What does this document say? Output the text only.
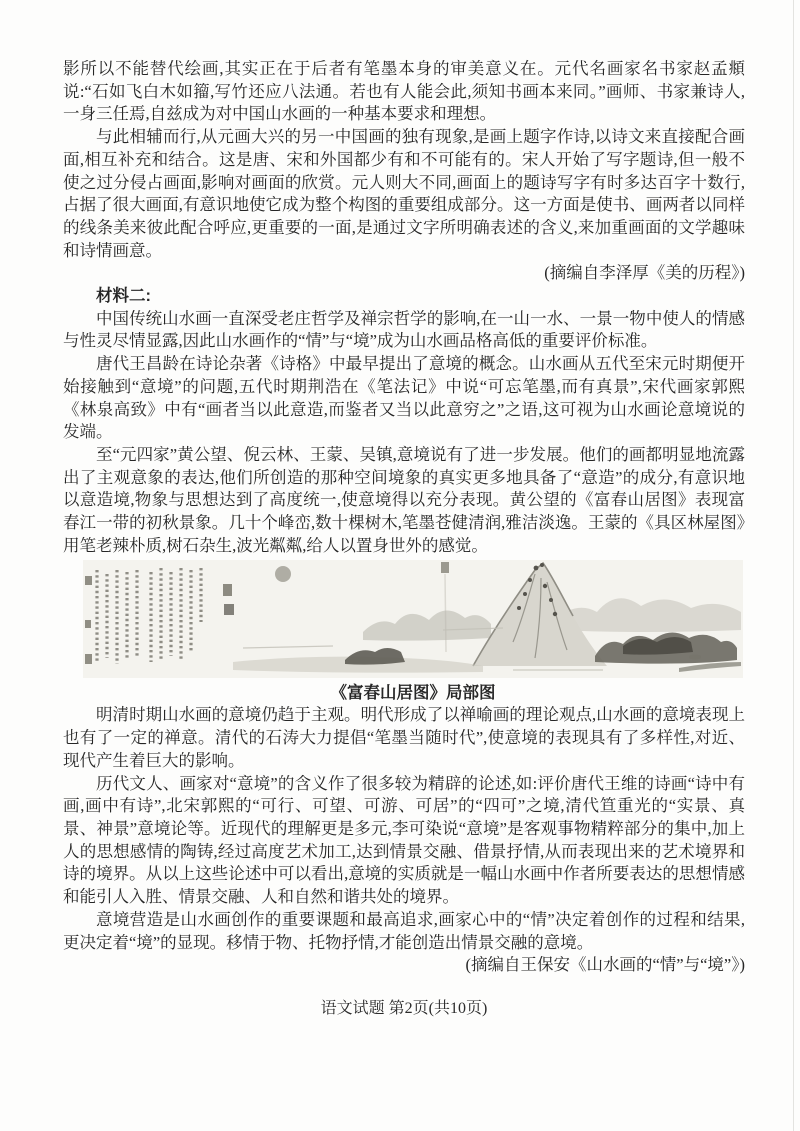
影所以不能替代绘画,其实正在于后者有笔墨本身的审美意义在。元代名画家名书家赵孟頫说:“石如飞白木如籀,写竹还应八法通。若也有人能会此,须知书画本来同。”画师、书家兼诗人,一身三任焉,自兹成为对中国山水画的一种基本要求和理想。

与此相辅而行,从元画大兴的另一中国画的独有现象,是画上题字作诗,以诗文来直接配合画面,相互补充和结合。这是唐、宋和外国都少有和不可能有的。宋人开始了写字题诗,但一般不使之过分侵占画面,影响对画面的欣赏。元人则大不同,画面上的题诗写字有时多达百字十数行,占据了很大画面,有意识地使它成为整个构图的重要组成部分。这一方面是使书、画两者以同样的线条美来彼此配合呼应,更重要的一面,是通过文字所明确表述的含义,来加重画面的文学趣味和诗情画意。

(摘编自李泽厚《美的历程》)

材料二:

中国传统山水画一直深受老庄哲学及禅宗哲学的影响,在一山一水、一景一物中使人的情感与性灵尽情显露,因此山水画作的“情”与“境”成为山水画品格高低的重要评价标准。

唐代王昌龄在诗论杂著《诗格》中最早提出了意境的概念。山水画从五代至宋元时期便开始接触到“意境”的问题,五代时期荆浩在《笔法记》中说“可忘笔墨,而有真景”,宋代画家郭熙《林泉高致》中有“画者当以此意造,而鉴者又当以此意穷之”之语,这可视为山水画论意境说的发端。

至“元四家”黄公望、倪云林、王蒙、吴镇,意境说有了进一步发展。他们的画都明显地流露出了主观意象的表达,他们所创造的那种空间境象的真实更多地具备了“意造”的成分,有意识地以意造境,物象与思想达到了高度统一,使意境得以充分表现。黄公望的《富春山居图》表现富春江一带的初秋景象。几十个峰峦,数十棵树木,笔墨苍健清润,雅洁淡逸。王蒙的《具区林屋图》用笔老辣朴质,树石杂生,波光粼粼,给人以置身世外的感觉。

《富春山居图》局部图

明清时期山水画的意境仍趋于主观。明代形成了以禅喻画的理论观点,山水画的意境表现上也有了一定的禅意。清代的石涛大力提倡“笔墨当随时代”,使意境的表现具有了多样性,对近、现代产生着巨大的影响。

历代文人、画家对“意境”的含义作了很多较为精辟的论述,如:评价唐代王维的诗画“诗中有画,画中有诗”,北宋郭熙的“可行、可望、可游、可居”的“四可”之境,清代笪重光的“实景、真景、神景”意境论等。近现代的理解更是多元,李可染说“意境”是客观事物精粹部分的集中,加上人的思想感情的陶铸,经过高度艺术加工,达到情景交融、借景抒情,从而表现出来的艺术境界和诗的境界。从以上这些论述中可以看出,意境的实质就是一幅山水画中作者所要表达的思想情感和能引人入胜、情景交融、人和自然和谐共处的境界。

意境营造是山水画创作的重要课题和最高追求,画家心中的“情”决定着创作的过程和结果,更决定着“境”的显现。移情于物、托物抒情,才能创造出情景交融的意境。

(摘编自王保安《山水画的“情”与“境”》)

语文试题 第2页(共10页)
